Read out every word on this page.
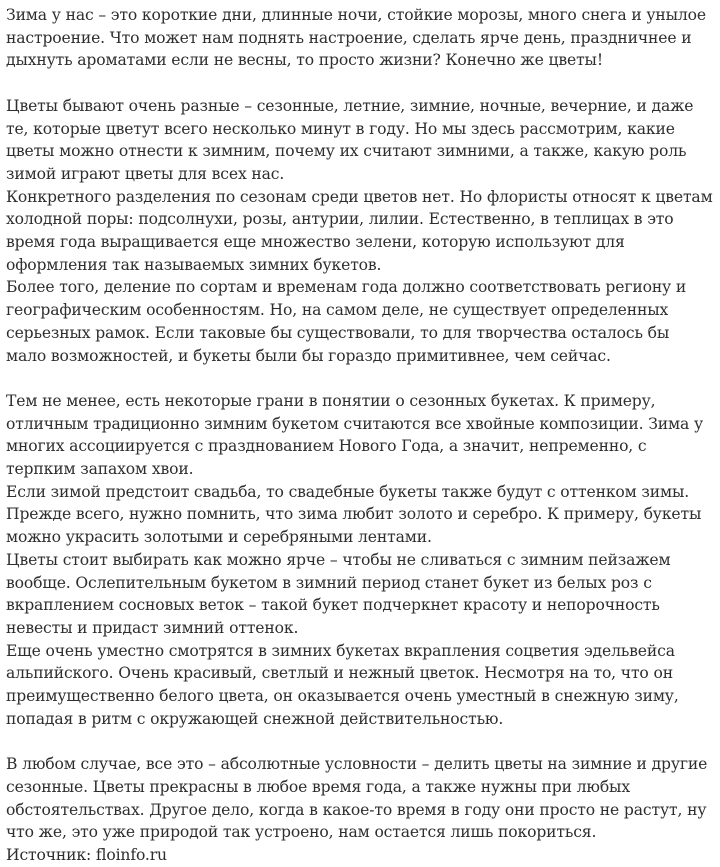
Зима у нас – это короткие дни, длинные ночи, стойкие морозы, много снега и унылое настроение. Что может нам поднять настроение, сделать ярче день, праздничнее и дыхнуть ароматами если не весны, то просто жизни? Конечно же цветы!

Цветы бывают очень разные – сезонные, летние, зимние, ночные, вечерние, и даже те, которые цветут всего несколько минут в году. Но мы здесь рассмотрим, какие цветы можно отнести к зимним, почему их считают зимними, а также, какую роль зимой играют цветы для всех нас.

Конкретного разделения по сезонам среди цветов нет. Но флористы относят к цветам холодной поры: подсолнухи, розы, антурии, лилии. Естественно, в теплицах в это время года выращивается еще множество зелени, которую используют для оформления так называемых зимних букетов.

Более того, деление по сортам и временам года должно соответствовать региону и географическим особенностям. Но, на самом деле, не существует определенных серьезных рамок. Если таковые бы существовали, то для творчества осталось бы мало возможностей, и букеты были бы гораздо примитивнее, чем сейчас.

Тем не менее, есть некоторые грани в понятии о сезонных букетах. К примеру, отличным традиционно зимним букетом считаются все хвойные композиции. Зима у многих ассоциируется с празднованием Нового Года, а значит, непременно, с терпким запахом хвои.

Если зимой предстоит свадьба, то свадебные букеты также будут с оттенком зимы. Прежде всего, нужно помнить, что зима любит золото и серебро. К примеру, букеты можно украсить золотыми и серебряными лентами.

Цветы стоит выбирать как можно ярче – чтобы не сливаться с зимним пейзажем вообще. Ослепительным букетом в зимний период станет букет из белых роз с вкраплением сосновых веток – такой букет подчеркнет красоту и непорочность невесты и придаст зимний оттенок.

Еще очень уместно смотрятся в зимних букетах вкрапления соцветия эдельвейса альпийского. Очень красивый, светлый и нежный цветок. Несмотря на то, что он преимущественно белого цвета, он оказывается очень уместный в снежную зиму, попадая в ритм с окружающей снежной действительностью.

В любом случае, все это – абсолютные условности – делить цветы на зимние и другие сезонные. Цветы прекрасны в любое время года, а также нужны при любых обстоятельствах. Другое дело, когда в какое-то время в году они просто не растут, ну что же, это уже природой так устроено, нам остается лишь покориться.

Источник: floinfo.ru
